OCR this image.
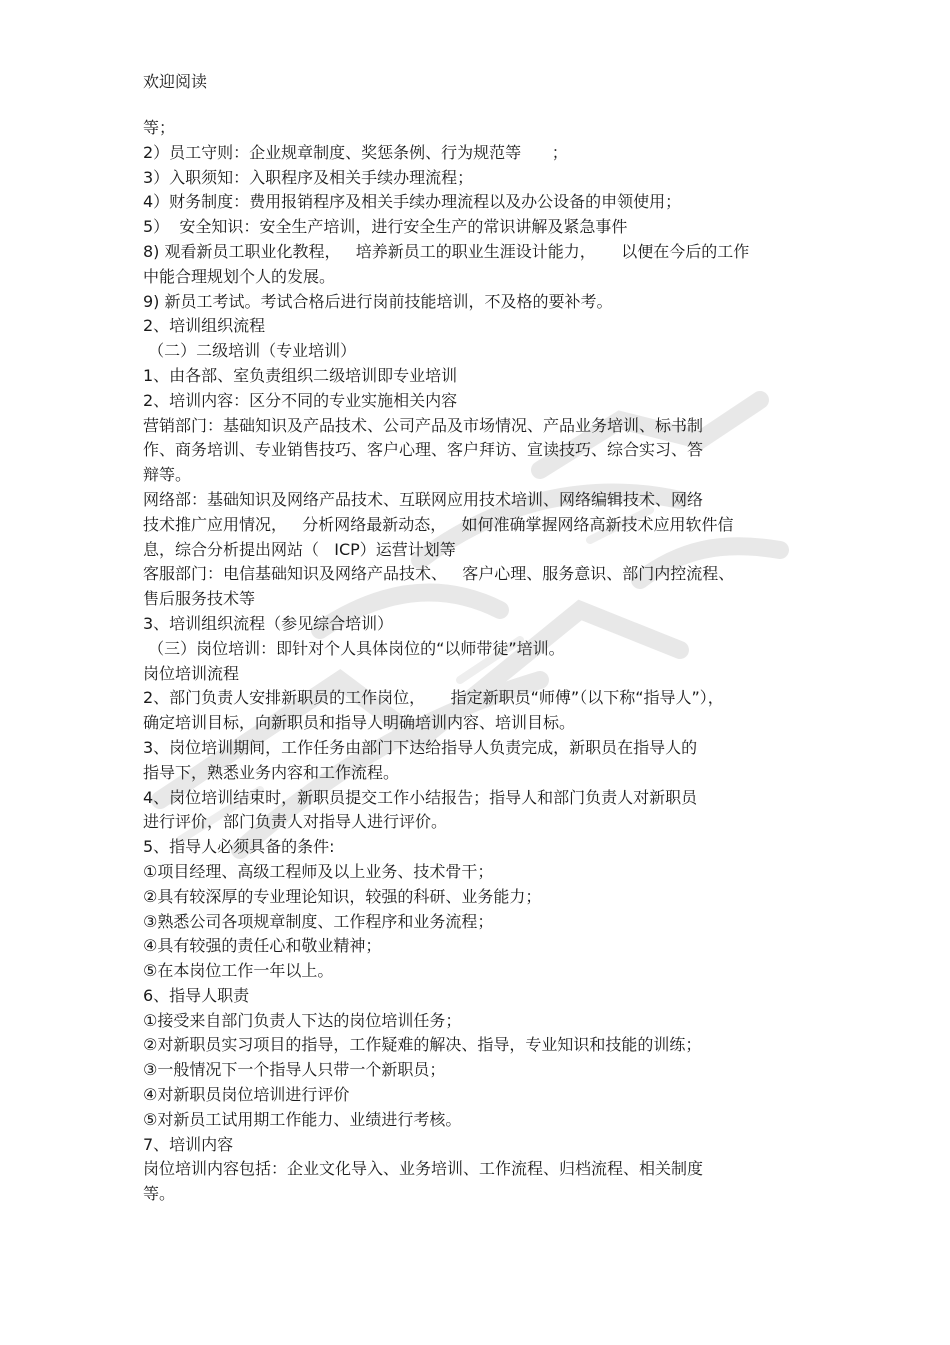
欢迎阅读
等；
2）员工守则：企业规章制度、奖惩条例、行为规范等      ；
3）入职须知：入职程序及相关手续办理流程；
4）财务制度：费用报销程序及相关手续办理流程以及办公设备的申领使用；
5）  安全知识：安全生产培训，进行安全生产的常识讲解及紧急事件
8) 观看新员工职业化教程，   培养新员工的职业生涯设计能力，     以便在今后的工作
中能合理规划个人的发展。
9) 新员工考试。考试合格后进行岗前技能培训，不及格的要补考。
2、培训组织流程
（二）二级培训（专业培训）
1、由各部、室负责组织二级培训即专业培训
2、培训内容：区分不同的专业实施相关内容
营销部门：基础知识及产品技术、公司产品及市场情况、产品业务培训、标书制
作、商务培训、专业销售技巧、客户心理、客户拜访、宣读技巧、综合实习、答
辩等。
网络部：基础知识及网络产品技术、互联网应用技术培训、网络编辑技术、网络
技术推广应用情况，   分析网络最新动态，   如何准确掌握网络高新技术应用软件信
息，综合分析提出网站（   ICP）运营计划等
客服部门：电信基础知识及网络产品技术、   客户心理、服务意识、部门内控流程、
售后服务技术等
3、培训组织流程（参见综合培训）
（三）岗位培训：即针对个人具体岗位的“以师带徒”培训。
岗位培训流程
2、部门负责人安排新职员的工作岗位，     指定新职员“师傅”（以下称“指导人”），
确定培训目标，向新职员和指导人明确培训内容、培训目标。
3、岗位培训期间，工作任务由部门下达给指导人负责完成，新职员在指导人的
指导下，熟悉业务内容和工作流程。
4、岗位培训结束时，新职员提交工作小结报告；指导人和部门负责人对新职员
进行评价，部门负责人对指导人进行评价。
5、指导人必须具备的条件:
①项目经理、高级工程师及以上业务、技术骨干；
②具有较深厚的专业理论知识，较强的科研、业务能力；
③熟悉公司各项规章制度、工作程序和业务流程；
④具有较强的责任心和敬业精神；
⑤在本岗位工作一年以上。
6、指导人职责
①接受来自部门负责人下达的岗位培训任务；
②对新职员实习项目的指导，工作疑难的解决、指导，专业知识和技能的训练；
③一般情况下一个指导人只带一个新职员；
④对新职员岗位培训进行评价
⑤对新员工试用期工作能力、业绩进行考核。
7、培训内容
岗位培训内容包括：企业文化导入、业务培训、工作流程、归档流程、相关制度
等。
